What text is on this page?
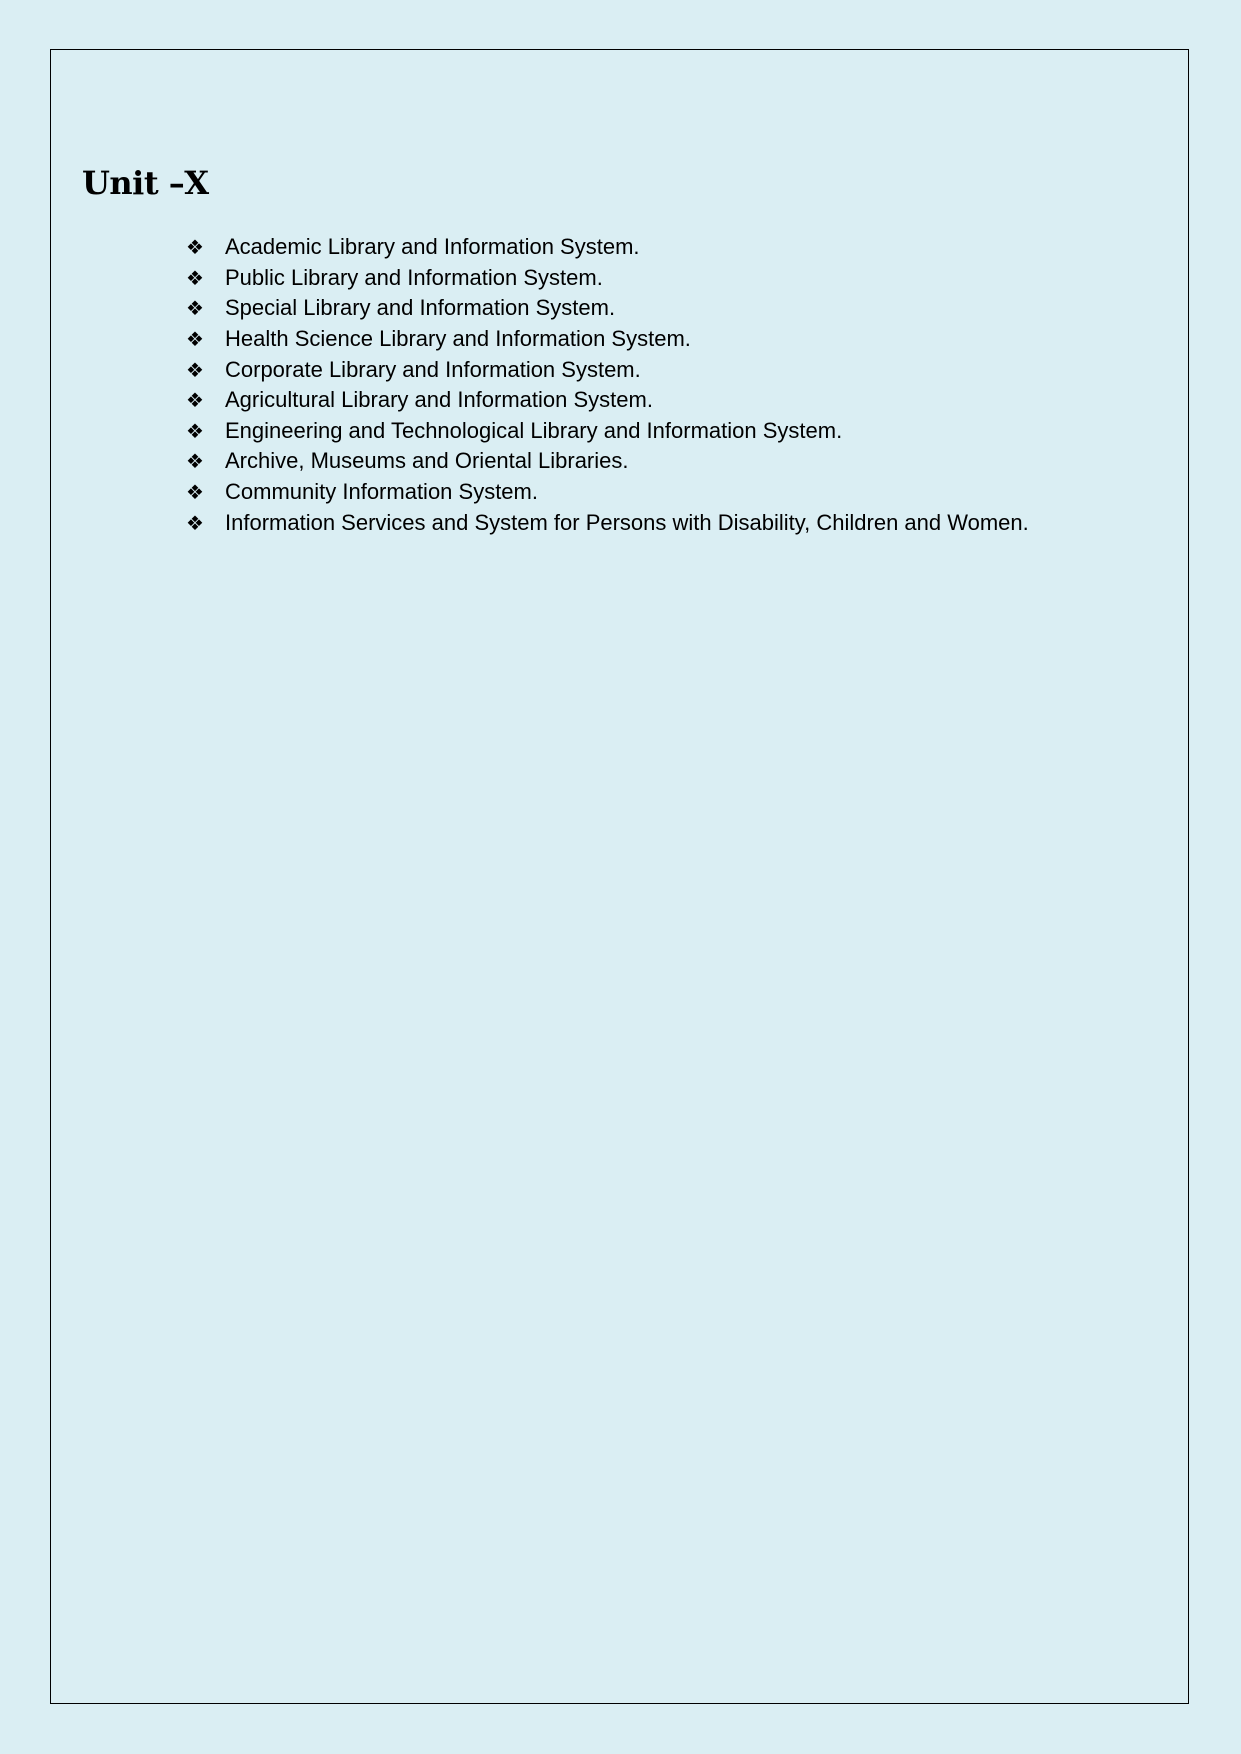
Unit –X
❖ Academic Library and Information System.
❖ Public Library and Information System.
❖ Special Library and Information System.
❖ Health Science Library and Information System.
❖ Corporate Library and Information System.
❖ Agricultural Library and Information System.
❖ Engineering and Technological Library and Information System.
❖ Archive, Museums and Oriental Libraries.
❖ Community Information System.
❖ Information Services and System for Persons with Disability, Children and Women.
